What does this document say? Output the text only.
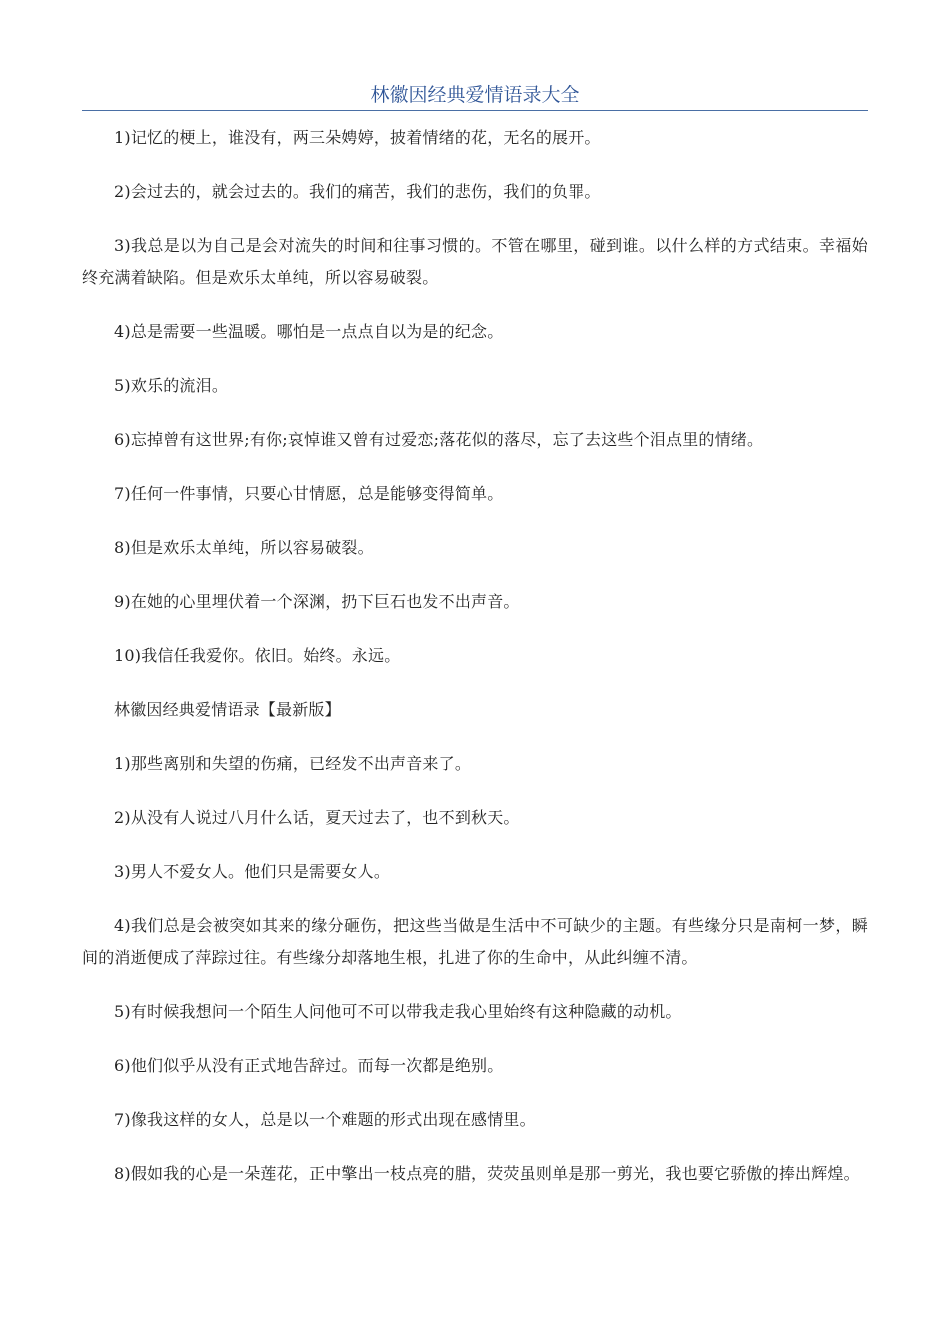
林徽因经典爱情语录大全

1)记忆的梗上，谁没有，两三朵娉婷，披着情绪的花，无名的展开。

2)会过去的，就会过去的。我们的痛苦，我们的悲伤，我们的负罪。

3)我总是以为自己是会对流失的时间和往事习惯的。不管在哪里，碰到谁。以什么样的方式结束。幸福始终充满着缺陷。但是欢乐太单纯，所以容易破裂。

4)总是需要一些温暖。哪怕是一点点自以为是的纪念。

5)欢乐的流泪。

6)忘掉曾有这世界;有你;哀悼谁又曾有过爱恋;落花似的落尽，忘了去这些个泪点里的情绪。

7)任何一件事情，只要心甘情愿，总是能够变得简单。

8)但是欢乐太单纯，所以容易破裂。

9)在她的心里埋伏着一个深渊，扔下巨石也发不出声音。

10)我信任我爱你。依旧。始终。永远。

林徽因经典爱情语录【最新版】

1)那些离别和失望的伤痛，已经发不出声音来了。

2)从没有人说过八月什么话，夏天过去了，也不到秋天。

3)男人不爱女人。他们只是需要女人。

4)我们总是会被突如其来的缘分砸伤，把这些当做是生活中不可缺少的主题。有些缘分只是南柯一梦，瞬间的消逝便成了萍踪过往。有些缘分却落地生根，扎进了你的生命中，从此纠缠不清。

5)有时候我想问一个陌生人问他可不可以带我走我心里始终有这种隐藏的动机。

6)他们似乎从没有正式地告辞过。而每一次都是绝别。

7)像我这样的女人，总是以一个难题的形式出现在感情里。

8)假如我的心是一朵莲花，正中擎出一枝点亮的腊，荧荧虽则单是那一剪光，我也要它骄傲的捧出辉煌。
